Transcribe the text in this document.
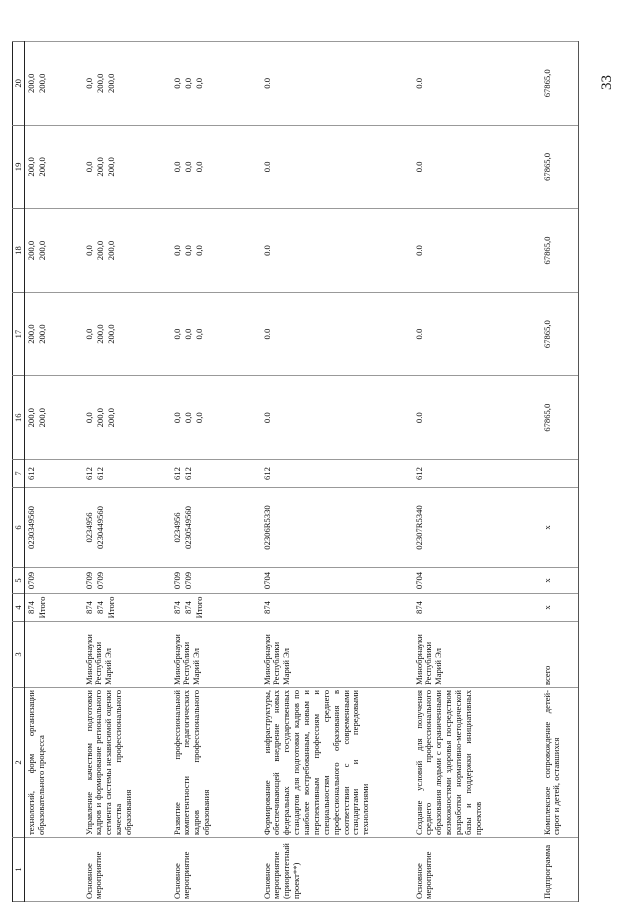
33
1	2	3	4	5	6	7	16	17	18	19	20
	технологий, форм организации образовательного процесса		874 Итого	0709	0230349560	612	200,0 200,0	200,0 200,0	200,0 200,0	200,0 200,0	200,0 200,0

Основное мероприятие	Управление качеством подготовки кадров и формирование регионального сегмента системы независимой оценки качества профессионального образования	Минобрнауки Республики Марий Эл	874 874 Итого	0709 0709	0234956 0230449560	612 612	0,0 200,0 200,0	0,0 200,0 200,0	0,0 200,0 200,0	0,0 200,0 200,0	0,0 200,0 200,0

Основное мероприятие	Развитие профессиональной компетентности педагогических кадров профессионального образования	Минобрнауки Республики Марий Эл	874 874 Итого	0709 0709	0234956 0230549560	612 612	0,0 0,0 0,0	0,0 0,0 0,0	0,0 0,0 0,0	0,0 0,0 0,0	0,0 0,0 0,0

Основное мероприятие (приоритетный проект**)	Формирование инфраструктуры, обеспечивающей внедрение новых федеральных государственных стандартов для подготовки кадров по наиболее востребованным, новым и перспективным профессиям и специальностям среднего профессионального образования в соответствии с современными стандартами и передовыми технологиями	Минобрнауки Республики Марий Эл	874	0704	02306R5330	612	0.0	0.0	0.0	0.0	0.0

Основное мероприятие	Создание условий для получения среднего профессионального образования людьми с ограниченными возможностями здоровья посредством разработки нормативно-методической базы и поддержки инициативных проектов	Минобрнауки Республики Марий Эл	874	0704	02307R5340	612	0.0	0.0	0.0	0.0	0.0

Подпрограмма	Комплексное сопровождение детей-сирот и детей, оставшихся	всего	x	x	x		67865,0	67865,0	67865,0	67865,0	67865,0
